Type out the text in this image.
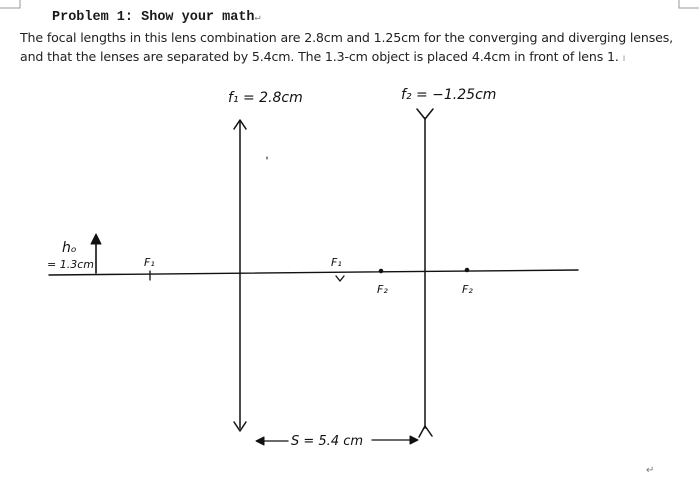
Problem 1: Show your math↵
The focal lengths in this lens combination are 2.8cm and 1.25cm for the converging and diverging lenses,
and that the lenses are separated by 5.4cm. The 1.3-cm object is placed 4.4cm in front of lens 1. ı
f₁ = 2.8cm	f₂ = −1.25cm
hₒ
= 1.3cm	F₁	F₁
F₂	F₂
S = 5.4 cm
↵
